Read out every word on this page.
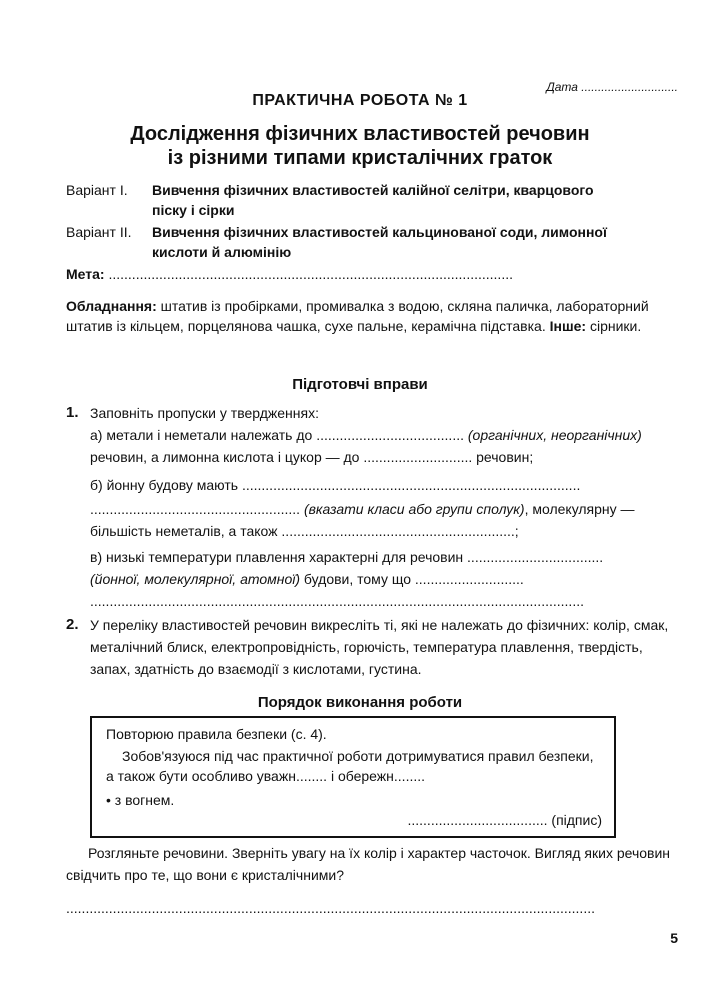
Дата .............................
ПРАКТИЧНА РОБОТА № 1
Дослідження фізичних властивостей речовин
із різними типами кристалічних граток
Варіант I. Вивчення фізичних властивостей калійної селітри, кварцового
піску і сірки
Варіант II. Вивчення фізичних властивостей кальцинованої соди, лимонної
кислоти й алюмінію
Мета: ........................................................................................................
Обладнання: штатив із пробірками, промивалка з водою, скляна паличка, лабораторний штатив із кільцем, порцелянова чашка, сухе пальне, керамічна підставка. Інше: сірники.
Підготовчі вправи
1. Заповніть пропуски у твердженнях:
а) метали і неметали належать до ...................................... (органічних, неорганічних) речовин, а лимонна кислота і цукор — до ............................ речовин;
б) йонну будову мають .......................................................................................
...................................................... (вказати класи або групи сполук), молекулярну — більшість неметалів, а також ............................................................;
в) низькі температури плавлення характерні для речовин ...................................
(йонної, молекулярної, атомної) будови, тому що ............................
...............................................................................................................................
2. У переліку властивостей речовин викресліть ті, які не належать до фізичних: колір, смак, металічний блиск, електропровідність, горючість, температура плавлення, твердість, запах, здатність до взаємодії з кислотами, густина.
Порядок виконання роботи

Повторюю правила безпеки (с. 4).

Зобов'язуюся під час практичної роботи дотримуватися правил безпеки, а також бути особливо уважн........ і обережн........

• з вогнем.

.................................... (підпис)

Розгляньте речовини. Зверніть увагу на їх колір і характер часточок. Вигляд яких речовин свідчить про те, що вони є кристалічними?
........................................................................................................................................
5
